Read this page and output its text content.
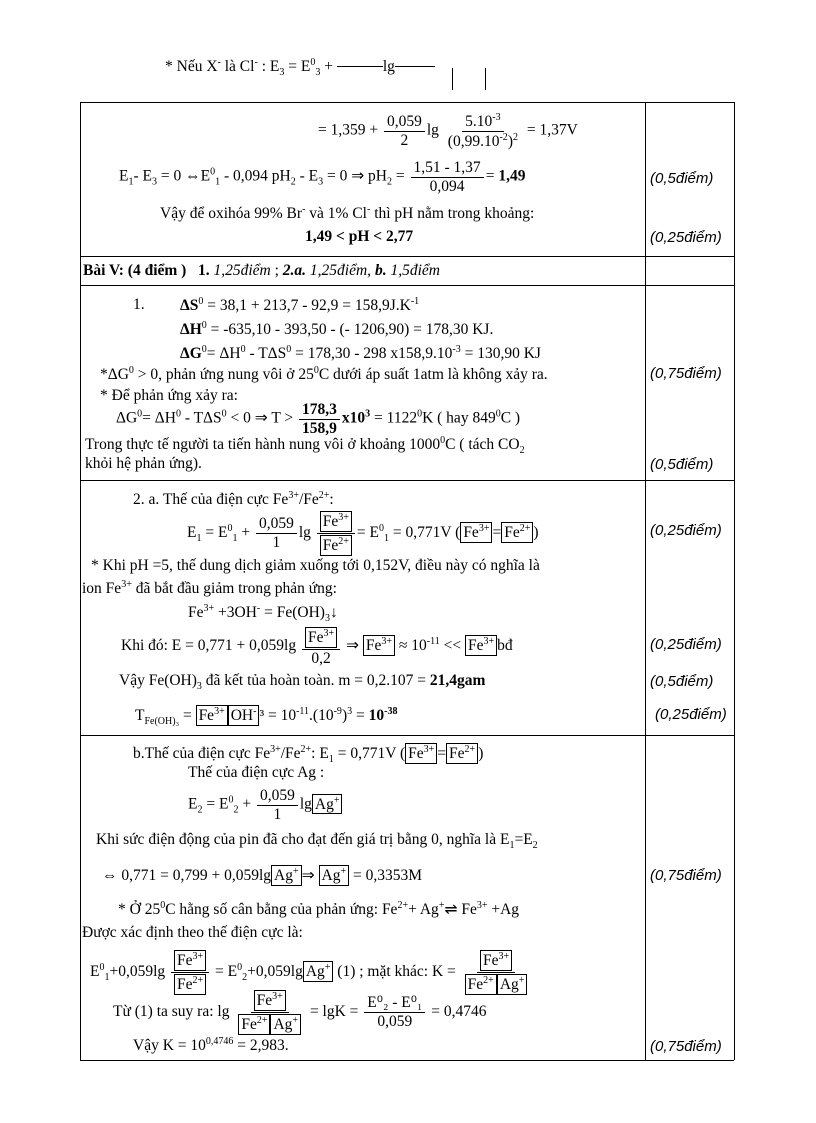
* Nếu X- là Cl- : $E_3 = E^0_3$ +	lg
= $1,359 + \frac{0,059}{2}$ $\lg \frac{5.10^{-3}}{(0,99.10^{-2})^2} = 1,37V$
$E_1-$ $E_3 = 0$ $\Leftrightarrow E^0_1 - 0,094$ $pH_2 - E_3 = 0$ ⇒ $pH_2 = \frac{1,51 - 1,37}{0,094} = 1,49$
Vậy để oxihóa 99% Br- và 1% Cl- thì pH nằm trong khoảng:
1,49 < pH < 2,77
(0,5điểm)
(0,25điểm)
Bài V: (4 điểm ) 1. 1,25điểm ; 2.a. 1,25điểm, b. 1,5điểm
1. $\Delta S^0 = 38,1 + 213,7 - 92,9 = 158,9J.K^{-1}$
$\Delta H^0 = -635,10 - 393,50$ - (- 1206,90) = 178,30 KJ.
$\Delta G^0= \Delta H^0 - T\Delta S^0 = 178,30 - 298$ $x158,9.10^{-3} = 130,90$ KJ
$*\Delta G^0 > 0$, phản ứng nung vôi ở $25^0C$ dưới áp suất 1atm là không xảy ra.
* Để phản ứng xảy ra:
$\Delta G^0= \Delta H^0 - T\Delta S^0 < 0$ ⇒ $T > \frac{178,3}{158,9} x10^3 = 1122^0K$ ( hay $849^0C$ )
Trong thực tế người ta tiến hành nung vôi ở khoảng 1000$^0$C ( tách $CO_2$
khỏi hệ phản ứng).
(0,75điểm)
(0,5điểm)
2. a. Thế của điện cực $Fe^{3+}/Fe^{2+}$:
$E_1 = E^0_1 + \frac{0,059}{1}$ $\lg \frac{Fe^{3+}}{Fe^{2+}} = E^0_1 = 0,771V$ ( $Fe^{3+} = Fe^{2+}$ )
* Khi pH =5, thế dung dịch giảm xuống tới 0,152V, điều này có nghĩa là
ion $Fe^{3+}$ đã bắt đầu giảm trong phản ứng:
$Fe^{3+} +3OH^-$ = $Fe(OH)_3↓$
Khi đó: $E = 0,771 + 0,059\lg \frac{Fe^{3+}}{0,2}$ ⇒ $Fe^{3+} \approx 10^{-11} << Fe^{3+}$ bđ
Vậy $Fe(OH)_3$ đã kết tủa hoàn toàn. m = 0,2.107 = 21,4gam
$T_{Fe(OH)_3} = Fe^{3+}$ OH- $^3 = 10^{-11}.(10^{-9})^3 = 10^{-38}$
(0,25điểm)
(0,25điểm)
(0,5điểm)
(0,25điểm)
b.Thế của điện cực $Fe^{3+}/Fe^{2+}$: $E_1 = 0,771V$ ( $Fe^{3+} = Fe^{2+}$ )
Thế của điện cực Ag :
$E_2 = E^0_2 + \frac{0,059}{1}$ lg Ag+
Khi sức điện động của pin đã cho đạt đến giá trị bằng 0, nghĩa là $E_1=E_2$
⇔ 0,771 = 0,799 + 0,059lg Ag+ ⇒ Ag+ = 0,3353M
* Ở $25^0C$ hằng số cân bằng của phản ứng: $Fe^{2+}+$ Ag+⇌ $Fe^{3+} +Ag$
Được xác định theo thế điện cực là:
$E^0_1+0,059\lg \frac{Fe^{3+}}{Fe^{2+}} = E^0_2+0,059\lg$ Ag+ (1) ; mặt khác: $K = \frac{Fe^{3+}}{Fe^{2+} Ag^+}$
Từ (1) ta suy ra: $\lg \frac{Fe^{3+}}{Fe^{2+} Ag^+} = \lg K = \frac{\text{E⁰₂ - E⁰₁}}{0,059} = 0,4746$
Vậy $K = 10^{0,4746} = 2,983$.
(0,75điểm)
(0,75điểm)
